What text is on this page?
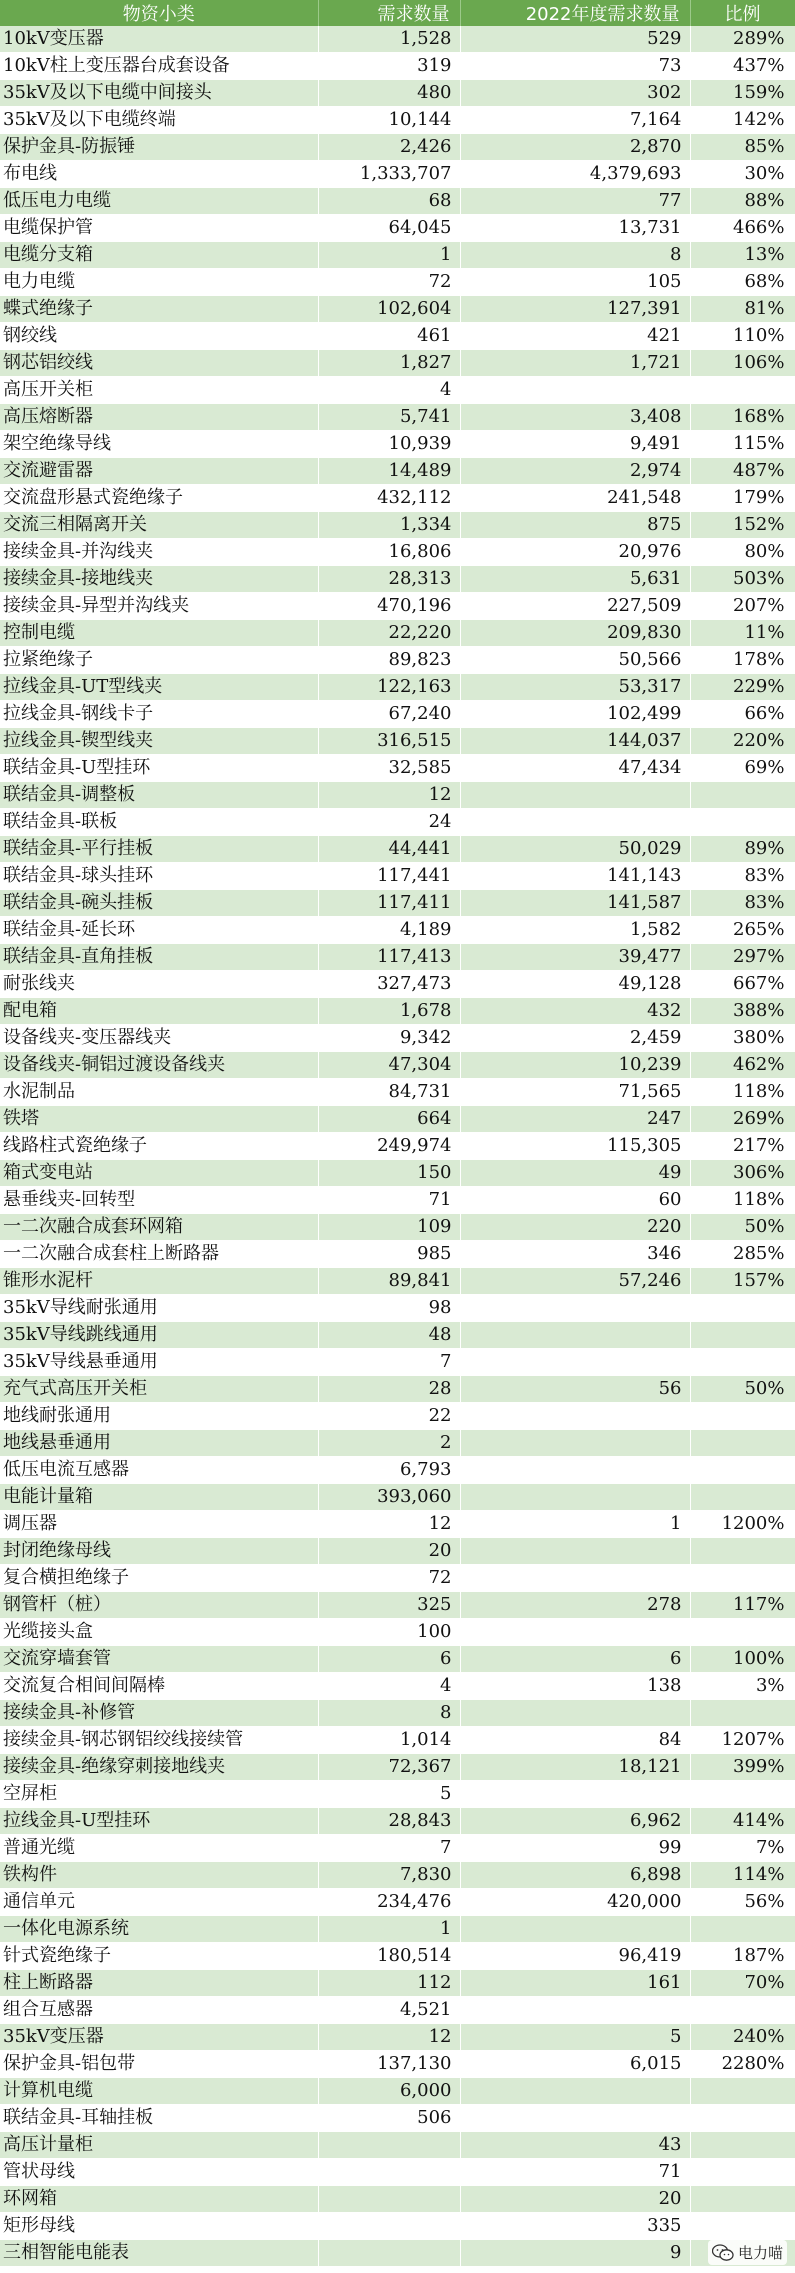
物资小类	需求数量	2022年度需求数量	比例
10kV变压器	1,528	529	289%
10kV柱上变压器台成套设备	319	73	437%
35kV及以下电缆中间接头	480	302	159%
35kV及以下电缆终端	10,144	7,164	142%
保护金具-防振锤	2,426	2,870	85%
布电线	1,333,707	4,379,693	30%
低压电力电缆	68	77	88%
电缆保护管	64,045	13,731	466%
电缆分支箱	1	8	13%
电力电缆	72	105	68%
蝶式绝缘子	102,604	127,391	81%
钢绞线	461	421	110%
钢芯铝绞线	1,827	1,721	106%
高压开关柜	4		
高压熔断器	5,741	3,408	168%
架空绝缘导线	10,939	9,491	115%
交流避雷器	14,489	2,974	487%
交流盘形悬式瓷绝缘子	432,112	241,548	179%
交流三相隔离开关	1,334	875	152%
接续金具-并沟线夹	16,806	20,976	80%
接续金具-接地线夹	28,313	5,631	503%
接续金具-异型并沟线夹	470,196	227,509	207%
控制电缆	22,220	209,830	11%
拉紧绝缘子	89,823	50,566	178%
拉线金具-UT型线夹	122,163	53,317	229%
拉线金具-钢线卡子	67,240	102,499	66%
拉线金具-锲型线夹	316,515	144,037	220%
联结金具-U型挂环	32,585	47,434	69%
联结金具-调整板	12		
联结金具-联板	24		
联结金具-平行挂板	44,441	50,029	89%
联结金具-球头挂环	117,441	141,143	83%
联结金具-碗头挂板	117,411	141,587	83%
联结金具-延长环	4,189	1,582	265%
联结金具-直角挂板	117,413	39,477	297%
耐张线夹	327,473	49,128	667%
配电箱	1,678	432	388%
设备线夹-变压器线夹	9,342	2,459	380%
设备线夹-铜铝过渡设备线夹	47,304	10,239	462%
水泥制品	84,731	71,565	118%
铁塔	664	247	269%
线路柱式瓷绝缘子	249,974	115,305	217%
箱式变电站	150	49	306%
悬垂线夹-回转型	71	60	118%
一二次融合成套环网箱	109	220	50%
一二次融合成套柱上断路器	985	346	285%
锥形水泥杆	89,841	57,246	157%
35kV导线耐张通用	98		
35kV导线跳线通用	48		
35kV导线悬垂通用	7		
充气式高压开关柜	28	56	50%
地线耐张通用	22		
地线悬垂通用	2		
低压电流互感器	6,793		
电能计量箱	393,060		
调压器	12	1	1200%
封闭绝缘母线	20		
复合横担绝缘子	72		
钢管杆（桩）	325	278	117%
光缆接头盒	100		
交流穿墙套管	6	6	100%
交流复合相间间隔棒	4	138	3%
接续金具-补修管	8		
接续金具-钢芯钢铝绞线接续管	1,014	84	1207%
接续金具-绝缘穿刺接地线夹	72,367	18,121	399%
空屏柜	5		
拉线金具-U型挂环	28,843	6,962	414%
普通光缆	7	99	7%
铁构件	7,830	6,898	114%
通信单元	234,476	420,000	56%
一体化电源系统	1		
针式瓷绝缘子	180,514	96,419	187%
柱上断路器	112	161	70%
组合互感器	4,521		
35kV变压器	12	5	240%
保护金具-铝包带	137,130	6,015	2280%
计算机电缆	6,000		
联结金具-耳轴挂板	506		
高压计量柜		43	
管状母线		71	
环网箱		20	
矩形母线		335	
三相智能电能表		9		电力喵
